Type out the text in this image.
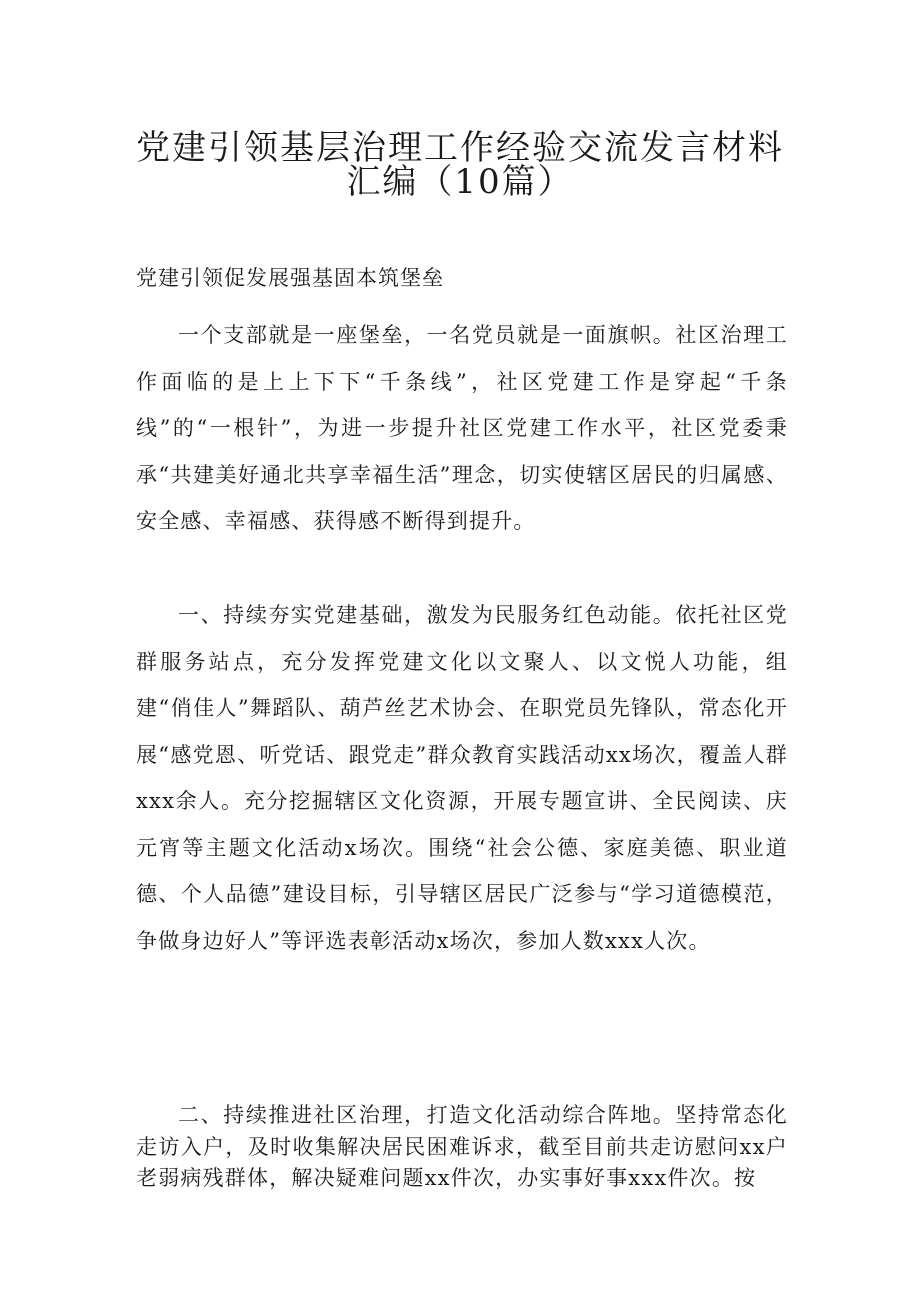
党建引领基层治理工作经验交流发言材料
汇编（10篇）

党建引领促发展强基固本筑堡垒

一个支部就是一座堡垒，一名党员就是一面旗帜。社区治理工作面临的是上上下下“千条线”，社区党建工作是穿起“千条线”的“一根针”，为进一步提升社区党建工作水平，社区党委秉承“共建美好通北共享幸福生活”理念，切实使辖区居民的归属感、安全感、幸福感、获得感不断得到提升。

一、持续夯实党建基础，激发为民服务红色动能。依托社区党群服务站点，充分发挥党建文化以文聚人、以文悦人功能，组建“俏佳人”舞蹈队、葫芦丝艺术协会、在职党员先锋队，常态化开展“感党恩、听党话、跟党走”群众教育实践活动xx场次，覆盖人群xxx余人。充分挖掘辖区文化资源，开展专题宣讲、全民阅读、庆元宵等主题文化活动x场次。围绕“社会公德、家庭美德、职业道德、个人品德”建设目标，引导辖区居民广泛参与“学习道德模范，争做身边好人”等评选表彰活动x场次，参加人数xxx人次。

二、持续推进社区治理，打造文化活动综合阵地。坚持常态化走访入户，及时收集解决居民困难诉求，截至目前共走访慰问xx户老弱病残群体，解决疑难问题xx件次，办实事好事xxx件次。按
